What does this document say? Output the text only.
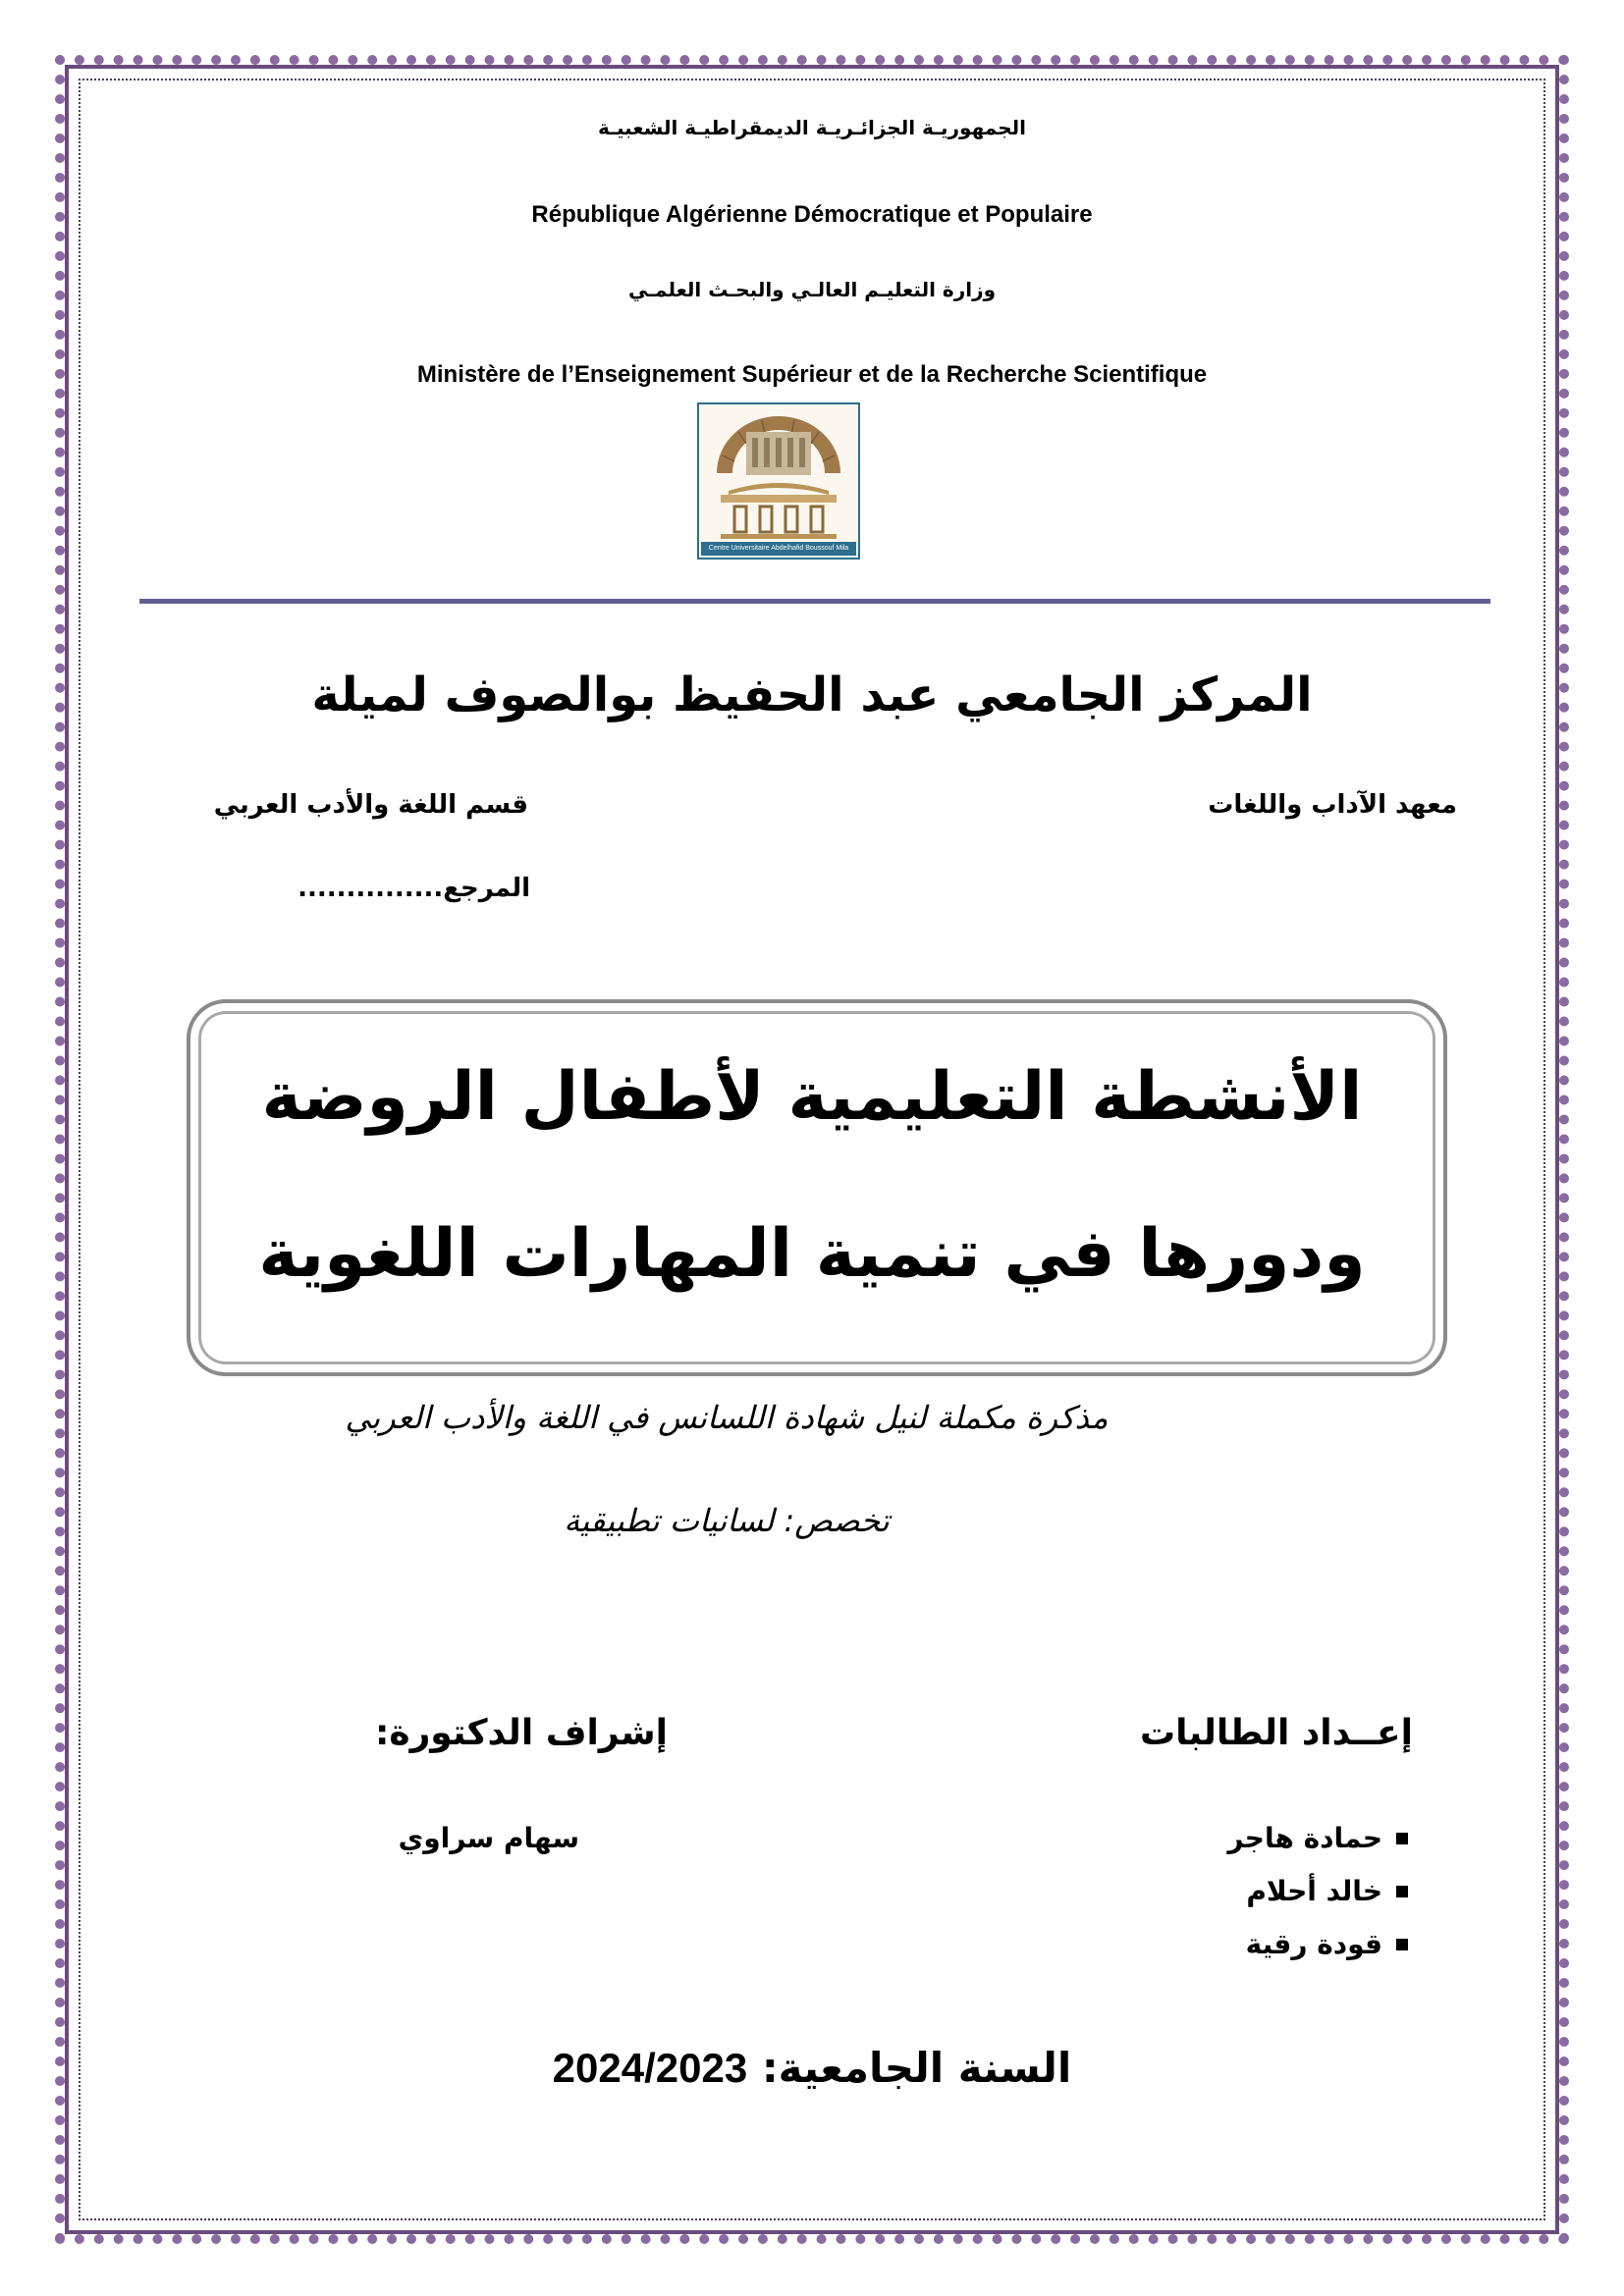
الجمهوريـة الجزائـريـة الديمقراطيـة الشعبيـة
République Algérienne Démocratique et Populaire
وزارة التعليـم العالـي والبحـث العلمـي
Ministère de l’Enseignement Supérieur et de la Recherche Scientifique
Centre Universitaire Abdelhafid Boussouf Mila
المركز الجامعي عبد الحفيظ بوالصوف لميلة
معهد الآداب واللغات
قسم اللغة والأدب العربي
المرجع...............
الأنشطة التعليمية لأطفال الروضة
ودورها في تنمية المهارات اللغوية
مذكرة مكملة لنيل شهادة اللسانس في اللغة والأدب العربي
تخصص: لسانيات تطبيقية
إعــداد الطالبات
إشراف الدكتورة:
حمادة هاجر
خالد أحلام
قودة رقية
سهام سراوي
السنة الجامعية: 2024/2023
